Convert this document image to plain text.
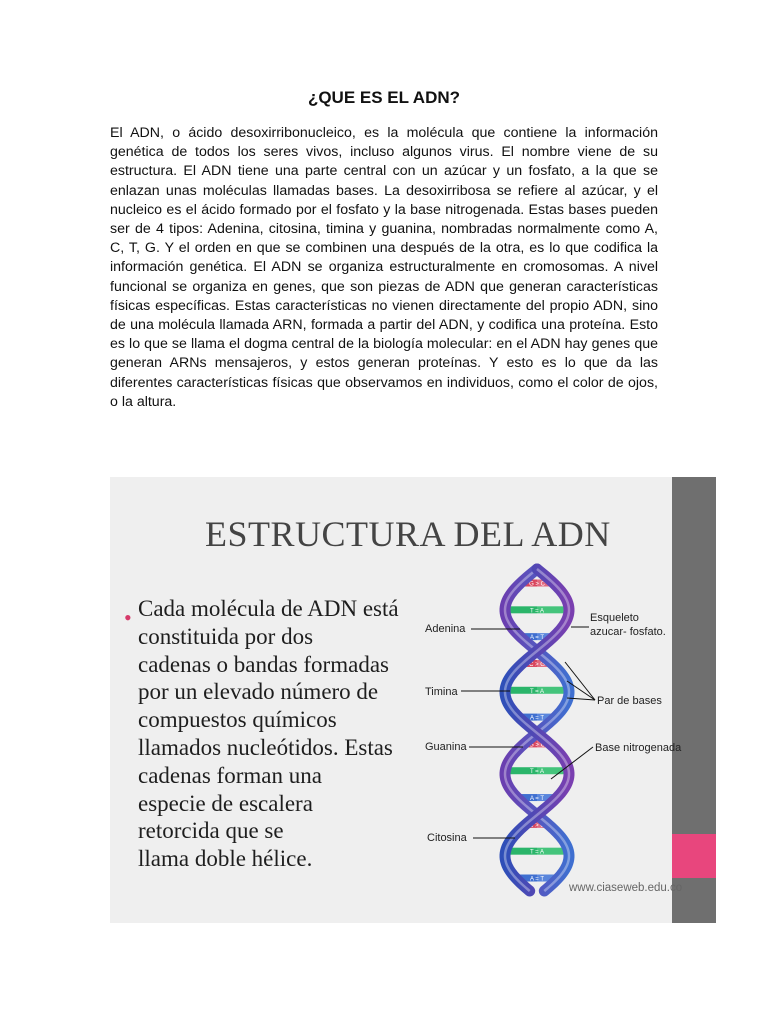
¿QUE ES EL ADN?

El ADN, o ácido desoxirribonucleico, es la molécula que contiene la información genética de todos los seres vivos, incluso algunos virus. El nombre viene de su estructura. El ADN tiene una parte central con un azúcar y un fosfato, a la que se enlazan unas moléculas llamadas bases. La desoxirribosa se refiere al azúcar, y el nucleico es el ácido formado por el fosfato y la base nitrogenada. Estas bases pueden ser de 4 tipos: Adenina, citosina, timina y guanina, nombradas normalmente como A, C, T, G. Y el orden en que se combinen una después de la otra, es lo que codifica la información genética. El ADN se organiza estructuralmente en cromosomas. A nivel funcional se organiza en genes, que son piezas de ADN que generan características físicas específicas. Estas características no vienen directamente del propio ADN, sino de una molécula llamada ARN, formada a partir del ADN, y codifica una proteína. Esto es lo que se llama el dogma central de la biología molecular: en el ADN hay genes que generan ARNs mensajeros, y estos generan proteínas. Y esto es lo que da las diferentes características físicas que observamos en individuos, como el color de ojos, o la altura.

ESTRUCTURA DEL ADN
• Cada molécula de ADN está
constituida por dos
cadenas o bandas formadas
por un elevado número de
compuestos químicos
llamados nucleótidos. Estas
cadenas forman una
especie de escalera
retorcida que se
llama doble hélice.
G > C
T = A
A = T
C > G
T = A
A = T
G > C
T = A
A = T
C > G
T = A
A = T
Adenina
Timina
Guanina
Citosina
Esqueleto
azucar- fosfato.
Par de bases
Base nitrogenada
www.ciaseweb.edu.co
